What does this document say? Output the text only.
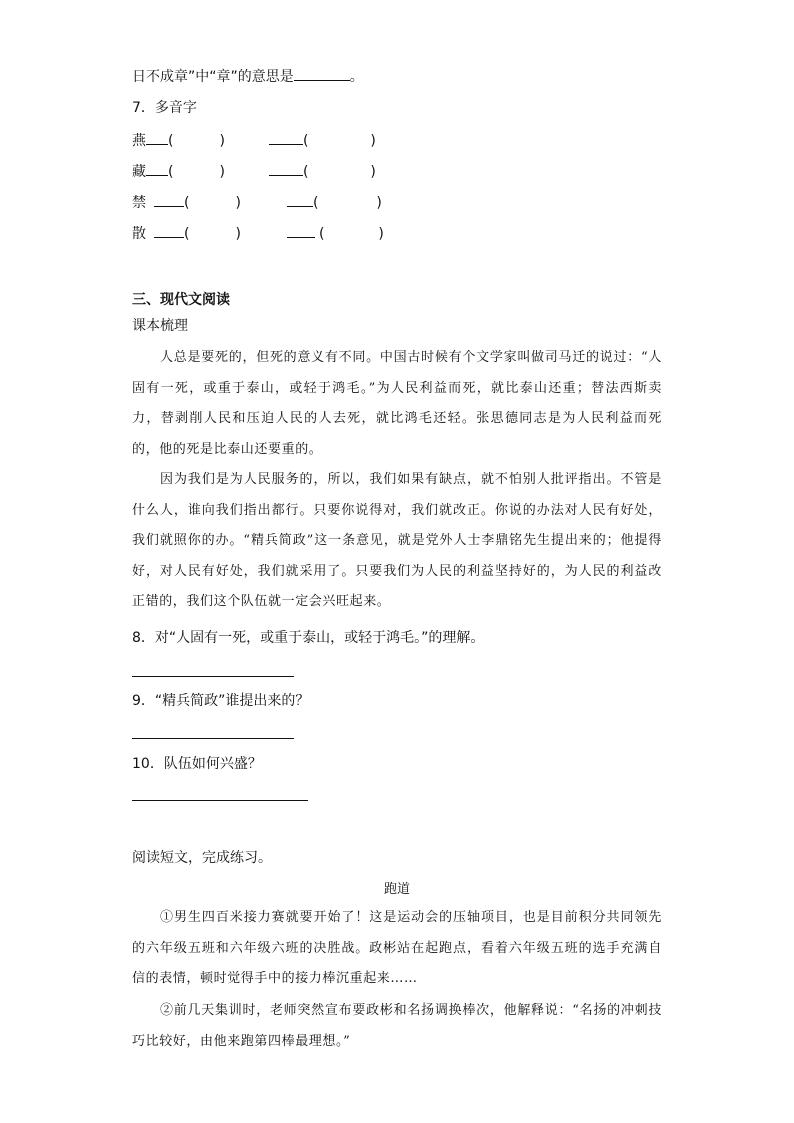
日不成章”中“章”的意思是	。
7．多音字
燕 (	)	(	)
藏 (	)	(	)
禁	(	)	(	)
散	(	)	(	)
三、现代文阅读
课本梳理

人总是要死的，但死的意义有不同。中国古时候有个文学家叫做司马迁的说过：“人固有一死，或重于泰山，或轻于鸿毛。”为人民利益而死，就比泰山还重；替法西斯卖力，替剥削人民和压迫人民的人去死，就比鸿毛还轻。张思德同志是为人民利益而死的，他的死是比泰山还要重的。

因为我们是为人民服务的，所以，我们如果有缺点，就不怕别人批评指出。不管是什么人，谁向我们指出都行。只要你说得对，我们就改正。你说的办法对人民有好处，我们就照你的办。“精兵简政”这一条意见，就是党外人士李鼎铭先生提出来的；他提得好，对人民有好处，我们就采用了。只要我们为人民的利益坚持好的，为人民的利益改正错的，我们这个队伍就一定会兴旺起来。

8．对“人固有一死，或重于泰山，或轻于鸿毛。”的理解。
9．“精兵简政”谁提出来的？
10．队伍如何兴盛？
阅读短文，完成练习。
跑道

①男生四百米接力赛就要开始了！这是运动会的压轴项目，也是目前积分共同领先的六年级五班和六年级六班的决胜战。政彬站在起跑点，看着六年级五班的选手充满自信的表情，顿时觉得手中的接力棒沉重起来……

②前几天集训时，老师突然宣布要政彬和名扬调换棒次，他解释说：“名扬的冲刺技巧比较好，由他来跑第四棒最理想。”
